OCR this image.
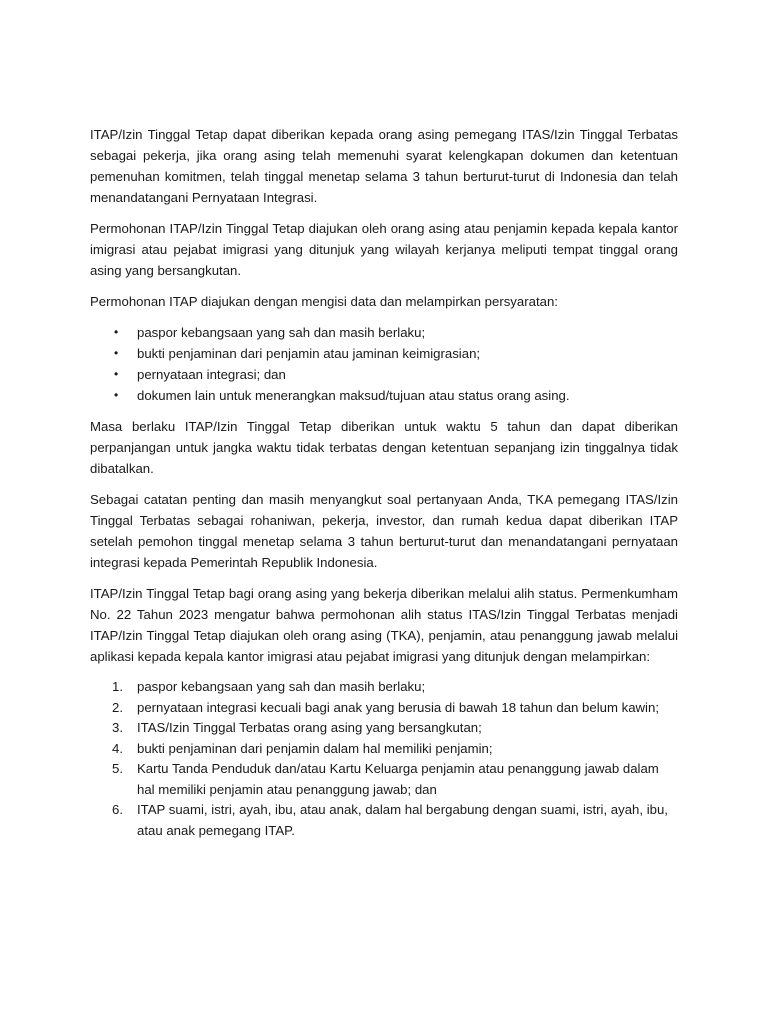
ITAP/Izin Tinggal Tetap dapat diberikan kepada orang asing pemegang ITAS/Izin Tinggal Terbatas sebagai pekerja, jika orang asing telah memenuhi syarat kelengkapan dokumen dan ketentuan pemenuhan komitmen, telah tinggal menetap selama 3 tahun berturut-turut di Indonesia dan telah menandatangani Pernyataan Integrasi.

Permohonan ITAP/Izin Tinggal Tetap diajukan oleh orang asing atau penjamin kepada kepala kantor imigrasi atau pejabat imigrasi yang ditunjuk yang wilayah kerjanya meliputi tempat tinggal orang asing yang bersangkutan.

Permohonan ITAP diajukan dengan mengisi data dan melampirkan persyaratan:

• paspor kebangsaan yang sah dan masih berlaku;
• bukti penjaminan dari penjamin atau jaminan keimigrasian;
• pernyataan integrasi; dan
• dokumen lain untuk menerangkan maksud/tujuan atau status orang asing.

Masa berlaku ITAP/Izin Tinggal Tetap diberikan untuk waktu 5 tahun dan dapat diberikan perpanjangan untuk jangka waktu tidak terbatas dengan ketentuan sepanjang izin tinggalnya tidak dibatalkan.

Sebagai catatan penting dan masih menyangkut soal pertanyaan Anda, TKA pemegang ITAS/Izin Tinggal Terbatas sebagai rohaniwan, pekerja, investor, dan rumah kedua dapat diberikan ITAP setelah pemohon tinggal menetap selama 3 tahun berturut-turut dan menandatangani pernyataan integrasi kepada Pemerintah Republik Indonesia.

ITAP/Izin Tinggal Tetap bagi orang asing yang bekerja diberikan melalui alih status. Permenkumham No. 22 Tahun 2023 mengatur bahwa permohonan alih status ITAS/Izin Tinggal Terbatas menjadi ITAP/Izin Tinggal Tetap diajukan oleh orang asing (TKA), penjamin, atau penanggung jawab melalui aplikasi kepada kepala kantor imigrasi atau pejabat imigrasi yang ditunjuk dengan melampirkan:

1. paspor kebangsaan yang sah dan masih berlaku;
2. pernyataan integrasi kecuali bagi anak yang berusia di bawah 18 tahun dan belum kawin;
3. ITAS/Izin Tinggal Terbatas orang asing yang bersangkutan;
4. bukti penjaminan dari penjamin dalam hal memiliki penjamin;
5. Kartu Tanda Penduduk dan/atau Kartu Keluarga penjamin atau penanggung jawab dalam hal memiliki penjamin atau penanggung jawab; dan
6. ITAP suami, istri, ayah, ibu, atau anak, dalam hal bergabung dengan suami, istri, ayah, ibu, atau anak pemegang ITAP.
